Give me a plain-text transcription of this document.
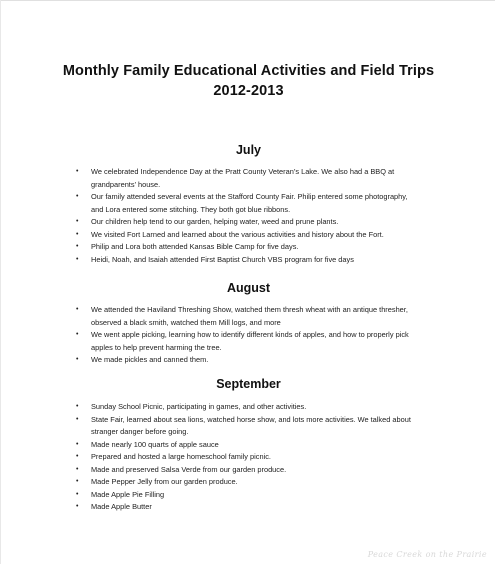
Monthly Family Educational Activities and Field Trips
2012-2013
July
• We celebrated Independence Day at the Pratt County Veteran’s Lake. We also had a BBQ at grandparents’ house.
• Our family attended several events at the Stafford County Fair. Philip entered some photography, and Lora entered some stitching. They both got blue ribbons.
• Our children help tend to our garden, helping water, weed and prune plants.
• We visited Fort Larned and learned about the various activities and history about the Fort.
• Philip and Lora both attended Kansas Bible Camp for five days.
• Heidi, Noah, and Isaiah attended First Baptist Church VBS program for five days
August
• We attended the Haviland Threshing Show, watched them thresh wheat with an antique thresher, observed a black smith, watched them Mill logs, and more
• We went apple picking, learning how to identify different kinds of apples, and how to properly pick apples to help prevent harming the tree.
• We made pickles and canned them.
September
• Sunday School Picnic, participating in games, and other activities.
• State Fair, learned about sea lions, watched horse show, and lots more activities. We talked about stranger danger before going.
• Made nearly 100 quarts of apple sauce
• Prepared and hosted a large homeschool family picnic.
• Made and preserved Salsa Verde from our garden produce.
• Made Pepper Jelly from our garden produce.
• Made Apple Pie Filling
• Made Apple Butter
Peace Creek on the Prairie
